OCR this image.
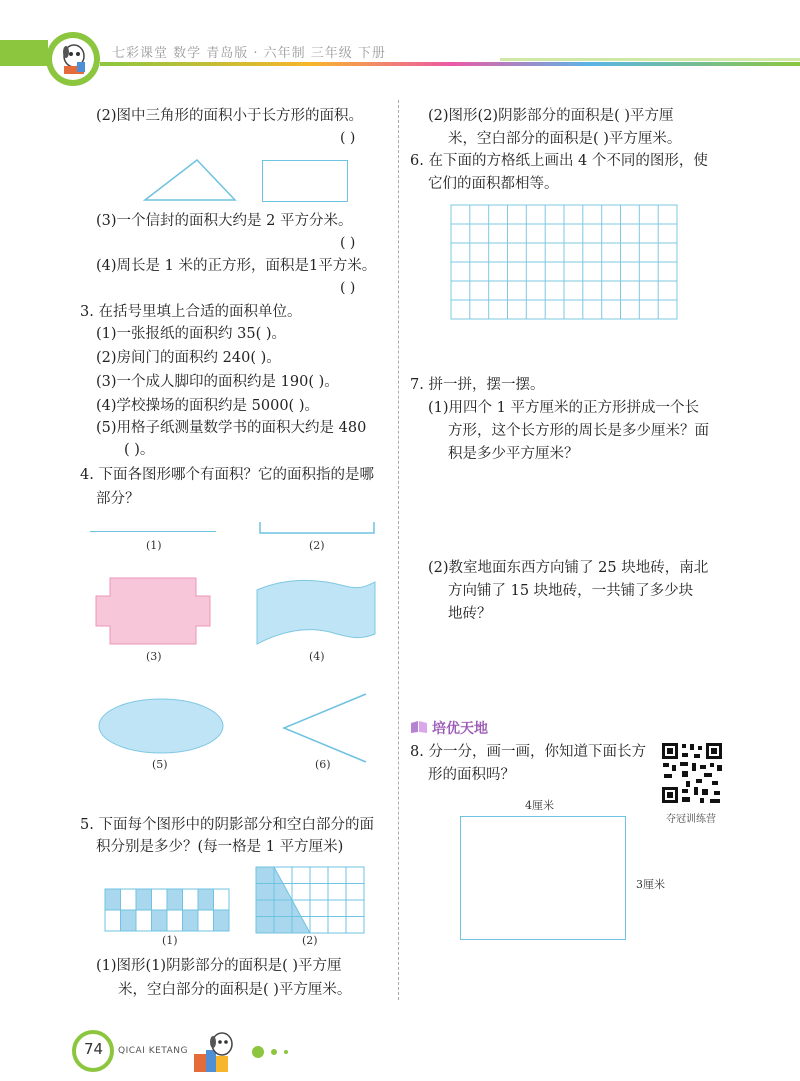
七彩课堂 数学 青岛版 · 六年制 三年级 下册
(2)图中三角形的面积小于长方形的面积。
( )
(3)一个信封的面积大约是 2 平方分米。
( )
(4)周长是 1 米的正方形，面积是1平方米。
( )
3. 在括号里填上合适的面积单位。
(1)一张报纸的面积约 35( )。
(2)房间门的面积约 240( )。
(3)一个成人脚印的面积约是 190( )。
(4)学校操场的面积约是 5000( )。
(5)用格子纸测量数学书的面积大约是 480
( )。
4. 下面各图形哪个有面积？它的面积指的是哪
部分？
(1)	(2)
(3)	(4)
(5)	(6)
5. 下面每个图形中的阴影部分和空白部分的面
积分别是多少？(每一格是 1 平方厘米)
(1)	(2)
(1)图形(1)阴影部分的面积是( )平方厘
米，空白部分的面积是( )平方厘米。
(2)图形(2)阴影部分的面积是( )平方厘
米，空白部分的面积是( )平方厘米。
6. 在下面的方格纸上画出 4 个不同的图形，使
它们的面积都相等。
7. 拼一拼，摆一摆。
(1)用四个 1 平方厘米的正方形拼成一个长
方形，这个长方形的周长是多少厘米？面
积是多少平方厘米？
(2)教室地面东西方向铺了 25 块地砖，南北
方向铺了 15 块地砖，一共铺了多少块
地砖？
培优天地
8. 分一分，画一画，你知道下面长方
形的面积吗？
夺冠训练营
4厘米
3厘米
74 QICAI KETANG
